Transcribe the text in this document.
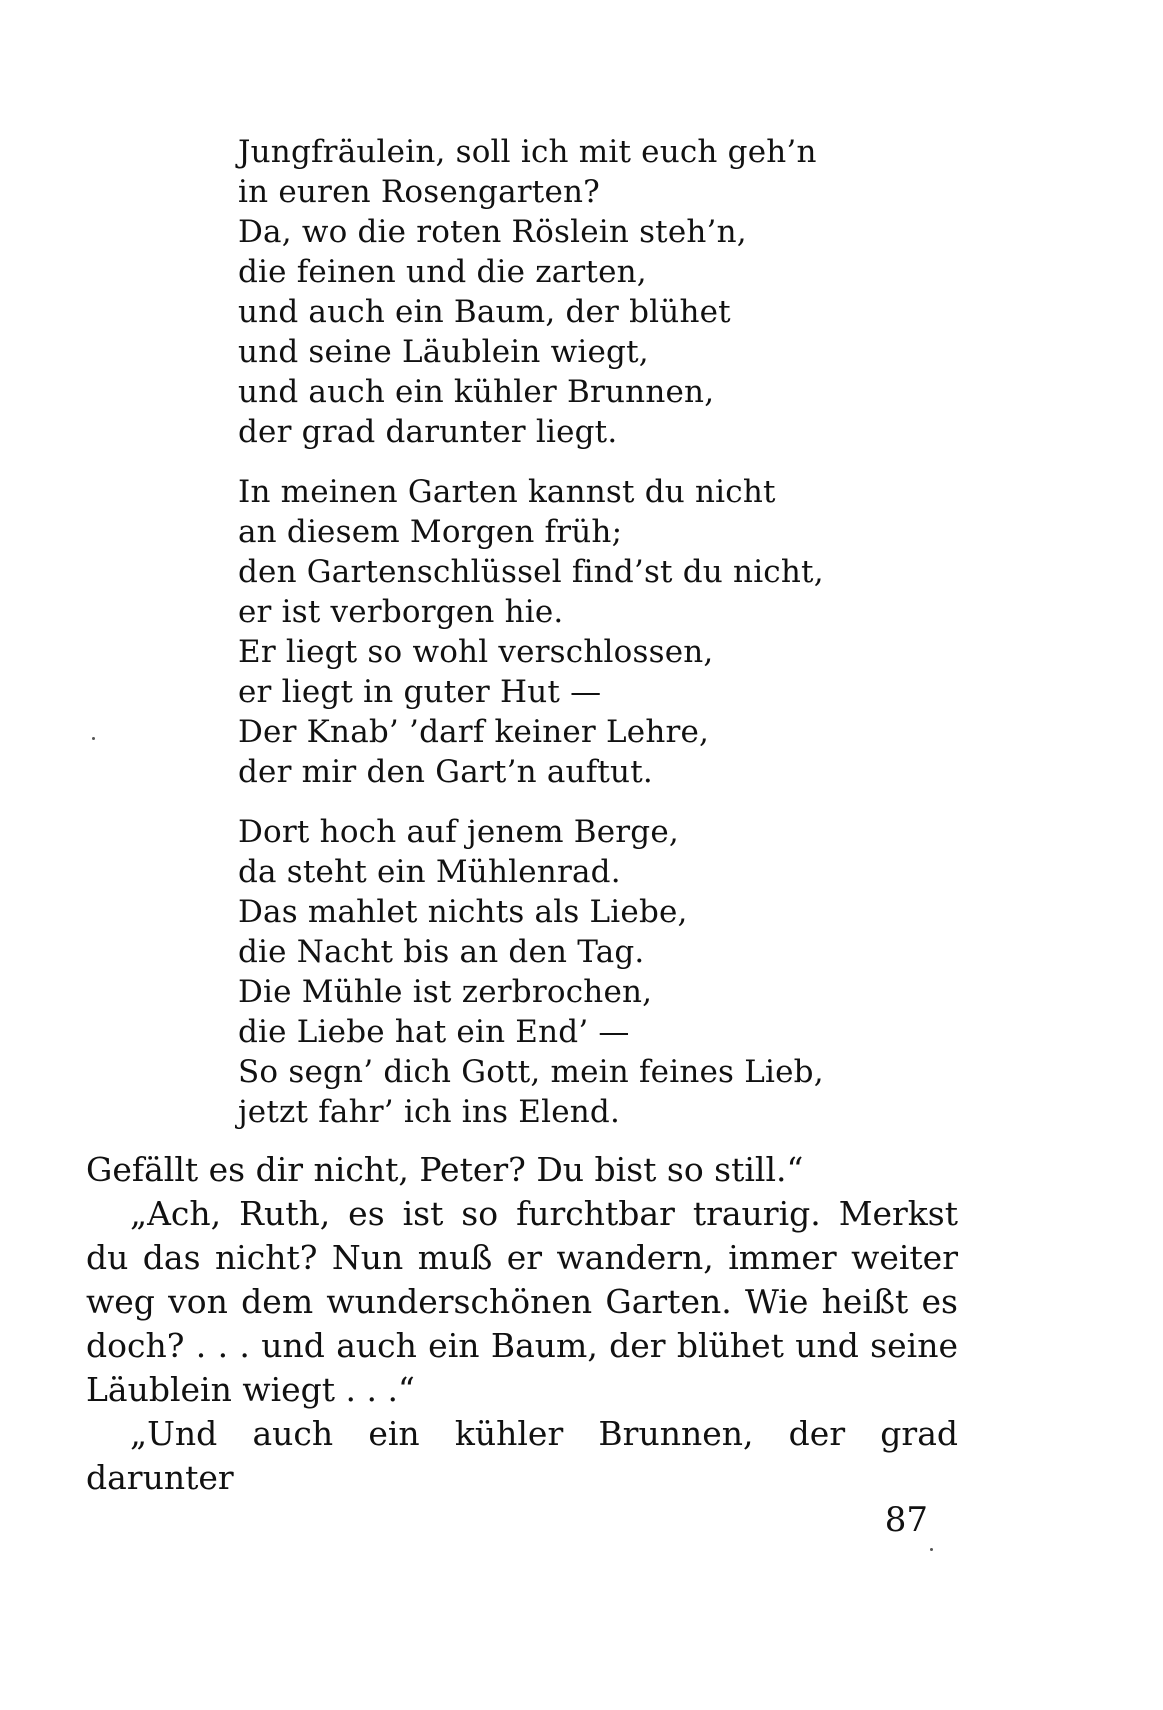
Jungfräulein, soll ich mit euch geh’n
in euren Rosengarten?
Da, wo die roten Röslein steh’n,
die feinen und die zarten,
und auch ein Baum, der blühet
und seine Läublein wiegt,
und auch ein kühler Brunnen,
der grad darunter liegt.
In meinen Garten kannst du nicht
an diesem Morgen früh;
den Gartenschlüssel find’st du nicht,
er ist verborgen hie.
Er liegt so wohl verschlossen,
er liegt in guter Hut —
Der Knab’ ’darf keiner Lehre,
der mir den Gart’n auftut.
Dort hoch auf jenem Berge,
da steht ein Mühlenrad.
Das mahlet nichts als Liebe,
die Nacht bis an den Tag.
Die Mühle ist zerbrochen,
die Liebe hat ein End’ —
So segn’ dich Gott, mein feines Lieb,
jetzt fahr’ ich ins Elend.

Gefällt es dir nicht, Peter? Du bist so still.“

„Ach, Ruth, es ist so furchtbar traurig. Merkst du das nicht? Nun muß er wandern, immer weiter weg von dem wunderschönen Garten. Wie heißt es doch? . . . und auch ein Baum, der blühet und seine Läublein wiegt . . .“

„Und auch ein kühler Brunnen, der grad darunter

87
